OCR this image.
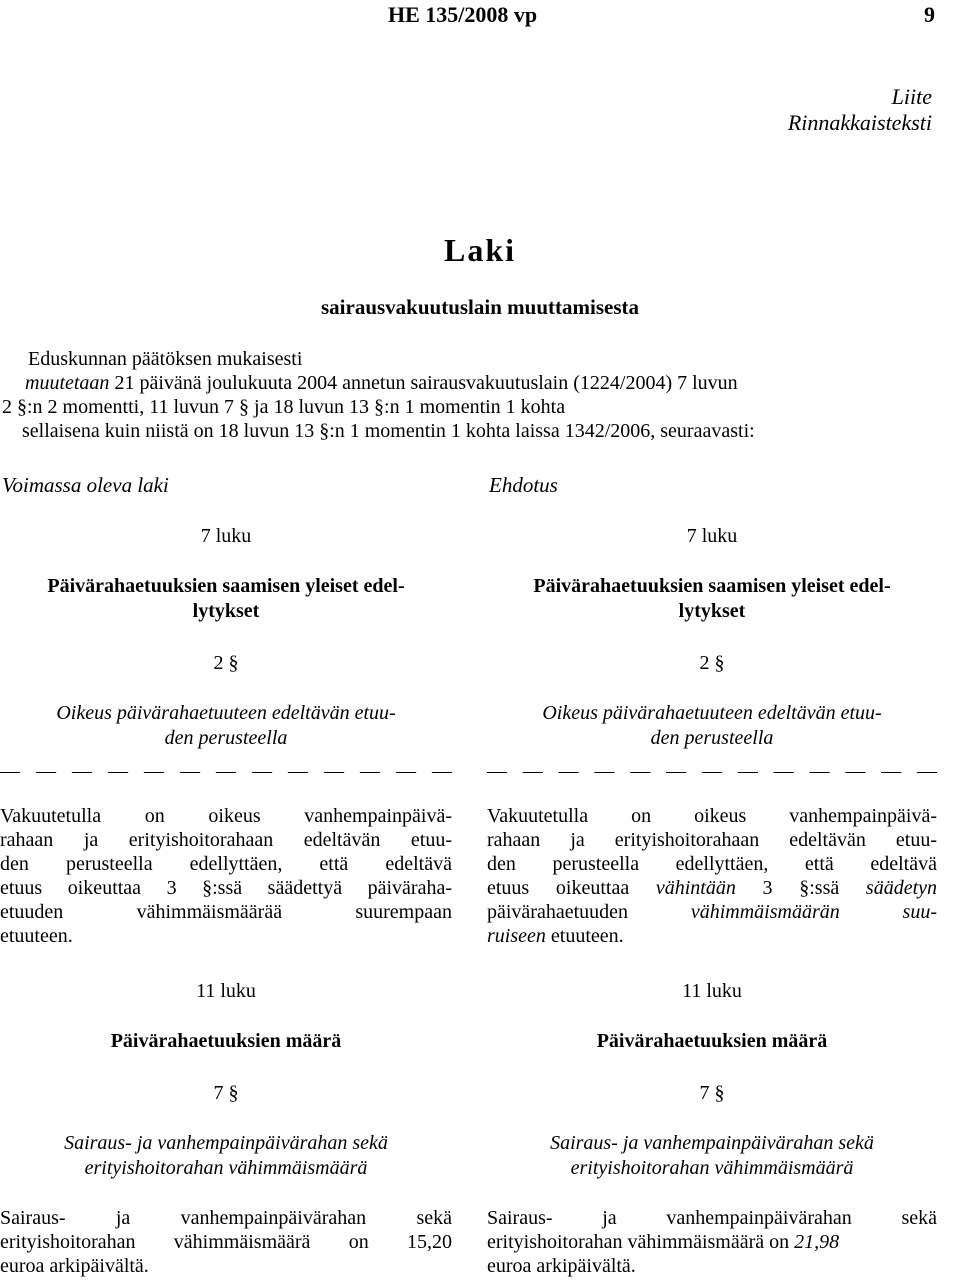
HE 135/2008 vp	9
Liite
Rinnakkaisteksti
Laki
sairausvakuutuslain muuttamisesta
Eduskunnan päätöksen mukaisesti
muutetaan 21 päivänä joulukuuta 2004 annetun sairausvakuutuslain (1224/2004) 7 luvun
2 §:n 2 momentti, 11 luvun 7 § ja 18 luvun 13 §:n 1 momentin 1 kohta
sellaisena kuin niistä on 18 luvun 13 §:n 1 momentin 1 kohta laissa 1342/2006, seuraavasti:
Voimassa oleva laki
7 luku
Päivärahaetuuksien saamisen yleiset edel-
lytykset
2 §
Oikeus päivärahaetuuteen edeltävän etuu-
den perusteella
— — — — — — — — — — — — —
Vakuutetulla on oikeus vanhempainpäivä-
rahaan ja erityishoitorahaan edeltävän etuu-
den perusteella edellyttäen, että edeltävä
etuus oikeuttaa 3 §:ssä säädettyä päiväraha-
etuuden vähimmäismäärää suurempaan
etuuteen.
11 luku
Päivärahaetuuksien määrä
7 §
Sairaus- ja vanhempainpäivärahan sekä
erityishoitorahan vähimmäismäärä
Sairaus- ja vanhempainpäivärahan sekä
erityishoitorahan vähimmäismäärä on 15,20
euroa arkipäivältä.
Ehdotus
7 luku
Päivärahaetuuksien saamisen yleiset edel-
lytykset
2 §
Oikeus päivärahaetuuteen edeltävän etuu-
den perusteella
— — — — — — — — — — — — —
Vakuutetulla on oikeus vanhempainpäivä-
rahaan ja erityishoitorahaan edeltävän etuu-
den perusteella edellyttäen, että edeltävä
etuus oikeuttaa vähintään 3 §:ssä säädetyn
päivärahaetuuden vähimmäismäärän suu-
ruiseen etuuteen.
11 luku
Päivärahaetuuksien määrä
7 §
Sairaus- ja vanhempainpäivärahan sekä
erityishoitorahan vähimmäismäärä
Sairaus- ja vanhempainpäivärahan sekä
erityishoitorahan vähimmäismäärä on 21,98
euroa arkipäivältä.
